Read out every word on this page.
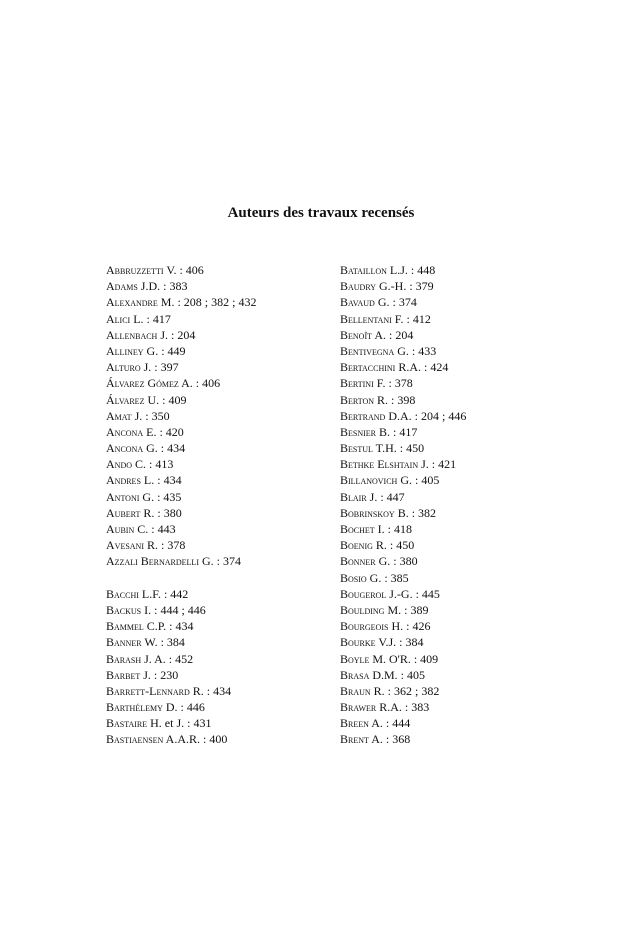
Auteurs des travaux recensés
Abbruzzetti V. : 406
Adams J.D. : 383
Alexandre M. : 208 ; 382 ; 432
Alici L. : 417
Allenbach J. : 204
Alliney G. : 449
Alturo J. : 397
Álvarez Gómez A. : 406
Álvarez U. : 409
Amat J. : 350
Ancona E. : 420
Ancona G. : 434
Ando C. : 413
Andres L. : 434
Antoni G. : 435
Aubert R. : 380
Aubin C. : 443
Avesani R. : 378
Azzali Bernardelli G. : 374
Bacchi L.F. : 442
Backus I. : 444 ; 446
Bammel C.P. : 434
Banner W. : 384
Barash J. A. : 452
Barbet J. : 230
Barrett-Lennard R. : 434
Barthélemy D. : 446
Bastaire H. et J. : 431
Bastiaensen A.A.R. : 400
Bataillon L.J. : 448
Baudry G.-H. : 379
Bavaud G. : 374
Bellentani F. : 412
Benoît A. : 204
Bentivegna G. : 433
Bertacchini R.A. : 424
Bertini F. : 378
Berton R. : 398
Bertrand D.A. : 204 ; 446
Besnier B. : 417
Bestul T.H. : 450
Bethke Elshtain J. : 421
Billanovich G. : 405
Blair J. : 447
Bobrinskoy B. : 382
Bochet I. : 418
Boenig R. : 450
Bonner G. : 380
Bosio G. : 385
Bougerol J.-G. : 445
Boulding M. : 389
Bourgeois H. : 426
Bourke V.J. : 384
Boyle M. O'R. : 409
Brasa D.M. : 405
Braun R. : 362 ; 382
Brawer R.A. : 383
Breen A. : 444
Brent A. : 368
